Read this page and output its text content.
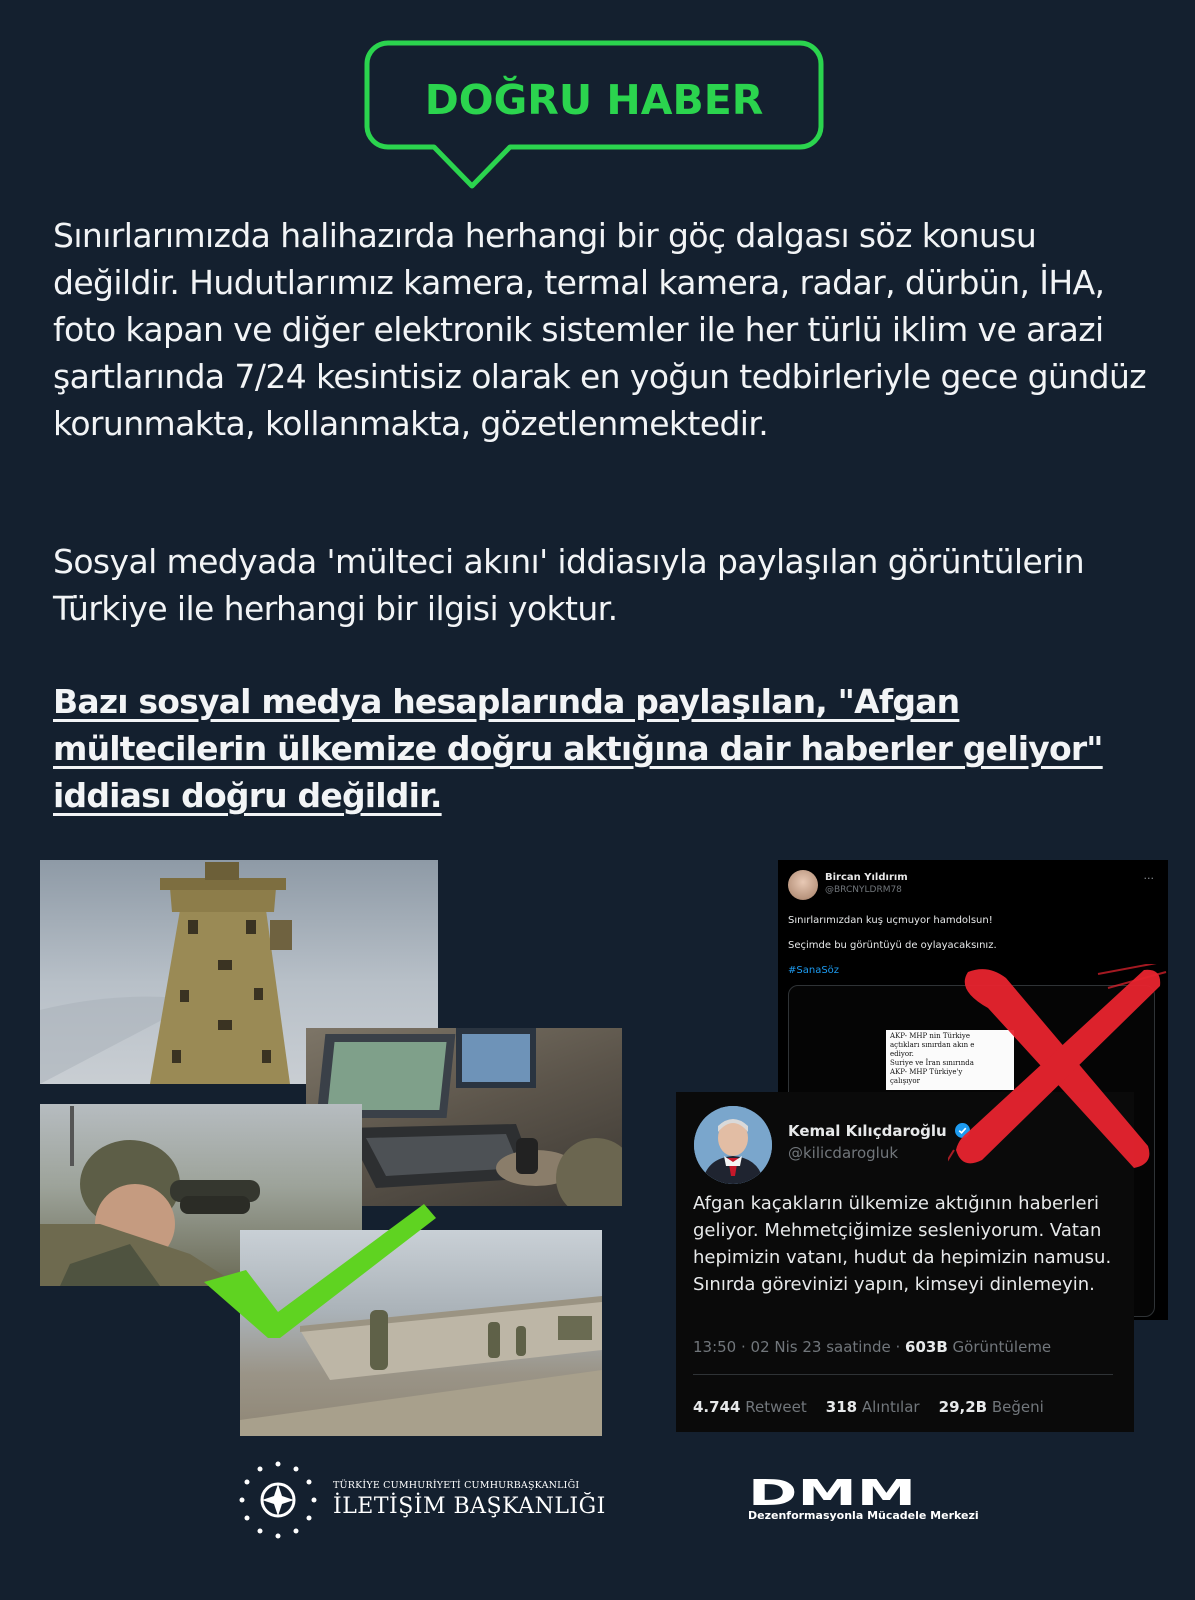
DOĞRU HABER
Sınırlarımızda halihazırda herhangi bir göç dalgası söz konusu değildir. Hudutlarımız kamera, termal kamera, radar, dürbün, İHA, foto kapan ve diğer elektronik sistemler ile her türlü iklim ve arazi şartlarında 7/24 kesintisiz olarak en yoğun tedbirleriyle gece gündüz korunmakta, kollanmakta, gözetlenmektedir.
Sosyal medyada 'mülteci akını' iddiasıyla paylaşılan görüntülerin Türkiye ile herhangi bir ilgisi yoktur.
Bazı sosyal medya hesaplarında paylaşılan, "Afgan mültecilerin ülkemize doğru aktığına dair haberler geliyor" iddiası doğru değildir.
Bircan Yıldırım
@BRCNYLDRM78
···
Sınırlarımızdan kuş uçmuyor hamdolsun!
Seçimde bu görüntüyü de oylayacaksınız.
#SanaSöz
AKP- MHP nin Türkiye
açtıkları sınırdan akın e
ediyor.
Suriye ve İran sınırında
AKP- MHP Türkiye'y
çalışıyor
Kemal Kılıçdaroğlu
@kilicdarogluk
Afgan kaçakların ülkemize aktığının haberleri geliyor. Mehmetçiğimize sesleniyorum. Vatan hepimizin vatanı, hudut da hepimizin namusu. Sınırda görevinizi yapın, kimseyi dinlemeyin.
13:50 · 02 Nis 23 saatinde · 603B Görüntüleme
4.744 Retweet 318 Alıntılar 29,2B Beğeni
TÜRKİYE CUMHURİYETİ CUMHURBAŞKANLIĞI
İLETİŞİM BAŞKANLIĞI	DMM
Dezenformasyonla Mücadele Merkezi
